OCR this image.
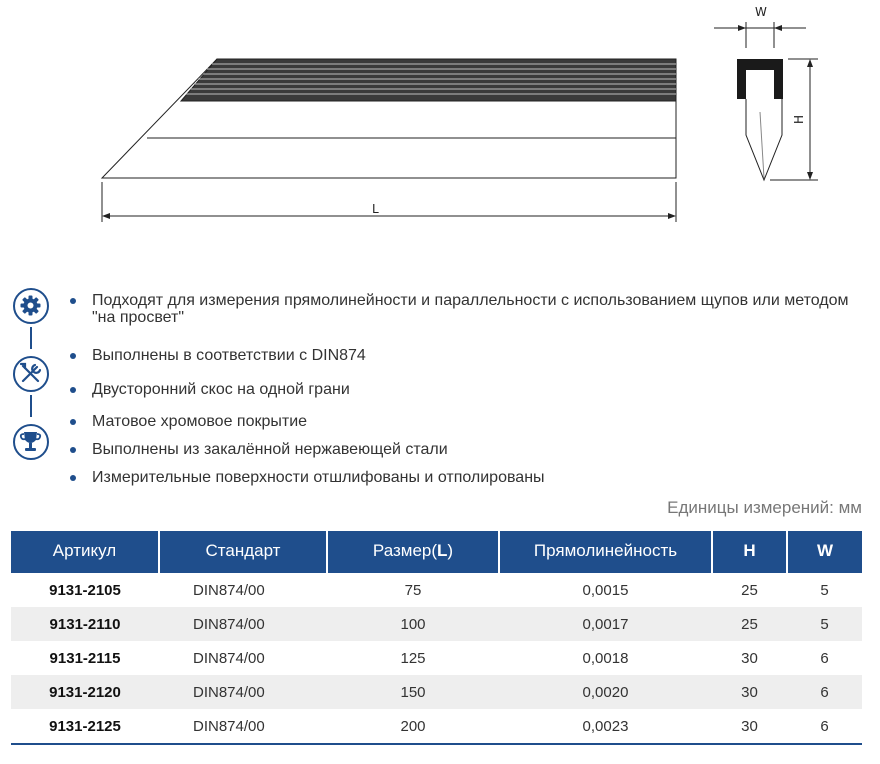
L
W
H
Подходят для измерения прямолинейности и параллельности с использованием щупов или методом "на просвет"
Выполнены в соответствии с DIN874
Двусторонний скос на одной грани
Матовое хромовое покрытие
Выполнены из закалённой нержавеющей стали
Измерительные поверхности отшлифованы и отполированы
Единицы измерений: мм
Артикул	Стандарт	Размер(L)	Прямолинейность	H	W
9131-2105	DIN874/00	75	0,0015	25	5
9131-2110	DIN874/00	100	0,0017	25	5
9131-2115	DIN874/00	125	0,0018	30	6
9131-2120	DIN874/00	150	0,0020	30	6
9131-2125	DIN874/00	200	0,0023	30	6
